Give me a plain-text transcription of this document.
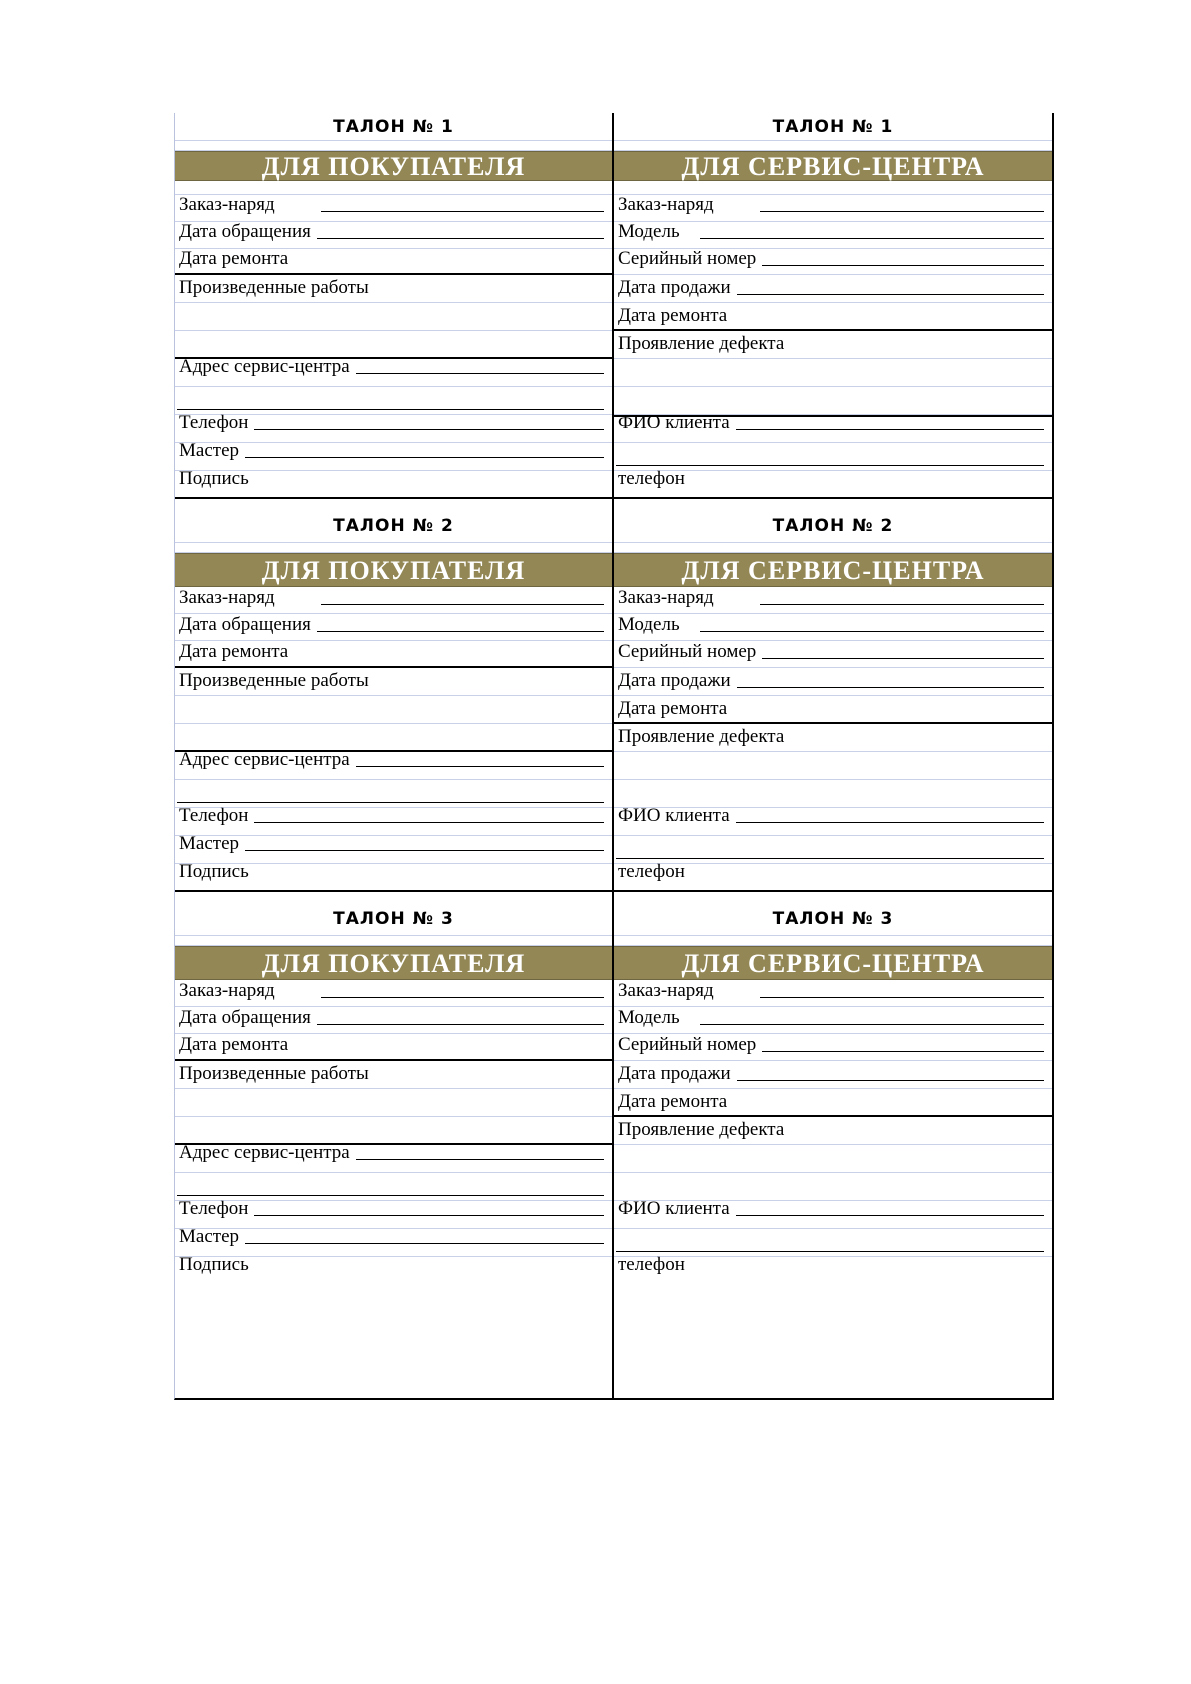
ТАЛОН № 1
ДЛЯ ПОКУПАТЕЛЯ
Заказ-наряд
Дата обращения
Дата ремонта
Произведенные работы
Адрес сервис-центра
Телефон
Мастер
Подпись
ТАЛОН № 1
ДЛЯ СЕРВИС-ЦЕНТРА
Заказ-наряд
Модель
Серийный номер
Дата продажи
Дата ремонта
Проявление дефекта
ФИО клиента
телефон
ТАЛОН № 2
ДЛЯ ПОКУПАТЕЛЯ
Заказ-наряд
Дата обращения
Дата ремонта
Произведенные работы
Адрес сервис-центра
Телефон
Мастер
Подпись
ТАЛОН № 2
ДЛЯ СЕРВИС-ЦЕНТРА
Заказ-наряд
Модель
Серийный номер
Дата продажи
Дата ремонта
Проявление дефекта
ФИО клиента
телефон
ТАЛОН № 3
ДЛЯ ПОКУПАТЕЛЯ
Заказ-наряд
Дата обращения
Дата ремонта
Произведенные работы
Адрес сервис-центра
Телефон
Мастер
Подпись
ТАЛОН № 3
ДЛЯ СЕРВИС-ЦЕНТРА
Заказ-наряд
Модель
Серийный номер
Дата продажи
Дата ремонта
Проявление дефекта
ФИО клиента
телефон
